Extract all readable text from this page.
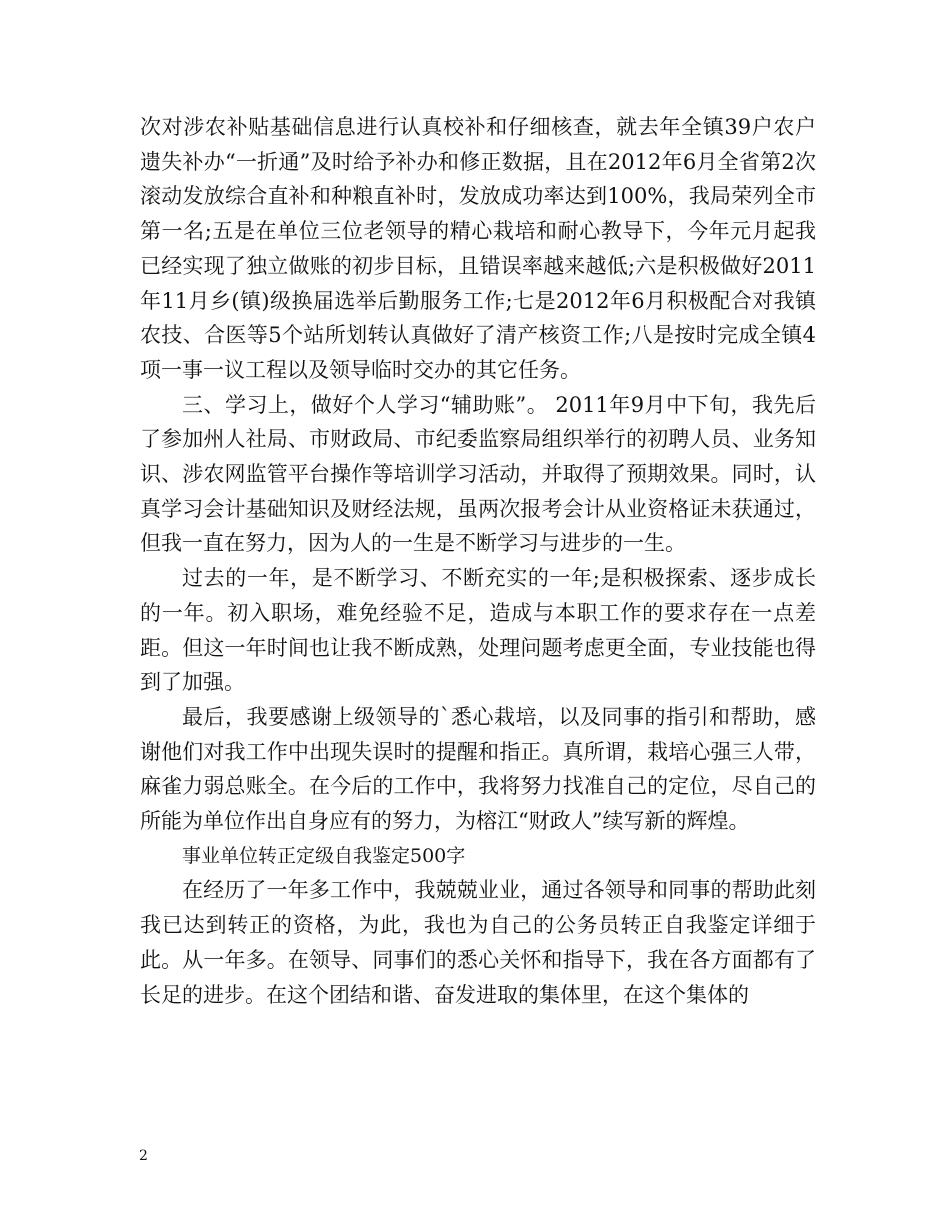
次对涉农补贴基础信息进行认真校补和仔细核查，就去年全镇39户农户遗失补办“一折通”及时给予补办和修正数据，且在2012年6月全省第2次滚动发放综合直补和种粮直补时，发放成功率达到100%，我局荣列全市第一名;五是在单位三位老领导的精心栽培和耐心教导下，今年元月起我已经实现了独立做账的初步目标，且错误率越来越低;六是积极做好2011年11月乡(镇)级换届选举后勤服务工作;七是2012年6月积极配合对我镇农技、合医等5个站所划转认真做好了清产核资工作;八是按时完成全镇4项一事一议工程以及领导临时交办的其它任务。

三、学习上，做好个人学习“辅助账”。 2011年9月中下旬，我先后了参加州人社局、市财政局、市纪委监察局组织举行的初聘人员、业务知识、涉农网监管平台操作等培训学习活动，并取得了预期效果。同时，认真学习会计基础知识及财经法规，虽两次报考会计从业资格证未获通过，但我一直在努力，因为人的一生是不断学习与进步的一生。

过去的一年，是不断学习、不断充实的一年;是积极探索、逐步成长的一年。初入职场，难免经验不足，造成与本职工作的要求存在一点差距。但这一年时间也让我不断成熟，处理问题考虑更全面，专业技能也得到了加强。

最后，我要感谢上级领导的`悉心栽培，以及同事的指引和帮助，感谢他们对我工作中出现失误时的提醒和指正。真所谓，栽培心强三人带，麻雀力弱总账全。在今后的工作中，我将努力找准自己的定位，尽自己的所能为单位作出自身应有的努力，为榕江“财政人”续写新的辉煌。

事业单位转正定级自我鉴定500字

在经历了一年多工作中，我兢兢业业，通过各领导和同事的帮助此刻我已达到转正的资格，为此，我也为自己的公务员转正自我鉴定详细于此。从一年多。在领导、同事们的悉心关怀和指导下，我在各方面都有了长足的进步。在这个团结和谐、奋发进取的集体里，在这个集体的

2
